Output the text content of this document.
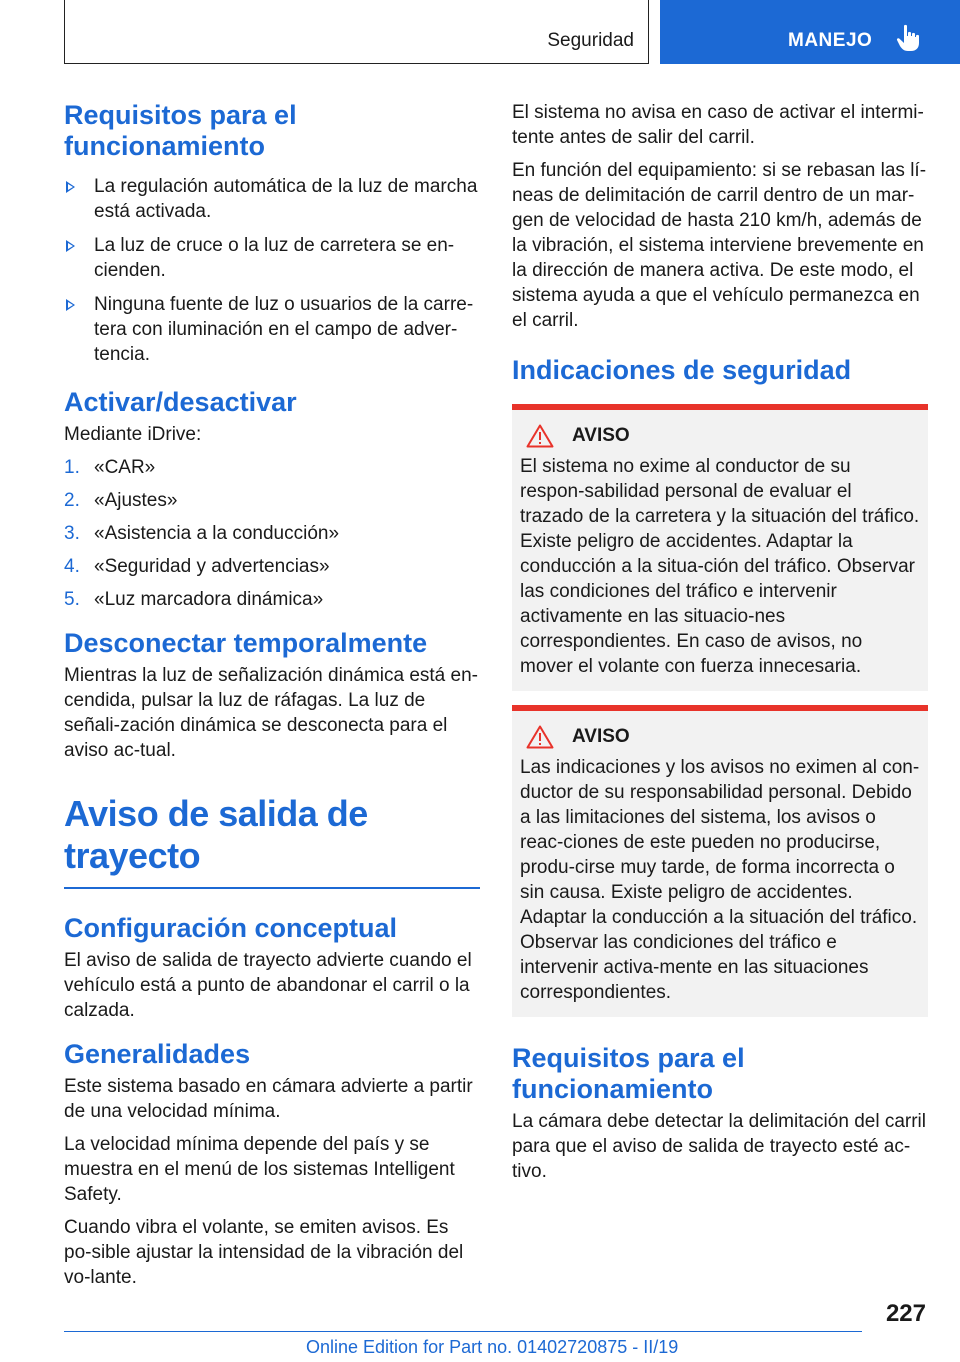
Seguridad	MANEJO
Requisitos para el funcionamiento
La regulación automática de la luz de marcha está activada.
La luz de cruce o la luz de carretera se en-cienden.
Ninguna fuente de luz o usuarios de la carre-tera con iluminación en el campo de adver-tencia.
Activar/desactivar

Mediante iDrive:

1. «CAR»
2. «Ajustes»
3. «Asistencia a la conducción»
4. «Seguridad y advertencias»
5. «Luz marcadora dinámica»
Desconectar temporalmente

Mientras la luz de señalización dinámica está en-cendida, pulsar la luz de ráfagas. La luz de señali-zación dinámica se desconecta para el aviso ac-tual.

Aviso de salida de trayecto
Configuración conceptual

El aviso de salida de trayecto advierte cuando el vehículo está a punto de abandonar el carril o la calzada.

Generalidades

Este sistema basado en cámara advierte a partir de una velocidad mínima.

La velocidad mínima depende del país y se muestra en el menú de los sistemas Intelligent Safety.

Cuando vibra el volante, se emiten avisos. Es po-sible ajustar la intensidad de la vibración del vo-lante.

El sistema no avisa en caso de activar el intermi-tente antes de salir del carril.

En función del equipamiento: si se rebasan las lí-neas de delimitación de carril dentro de un mar-gen de velocidad de hasta 210 km/h, además de la vibración, el sistema interviene brevemente en la dirección de manera activa. De este modo, el sistema ayuda a que el vehículo permanezca en el carril.

Indicaciones de seguridad
AVISO

El sistema no exime al conductor de su respon-sabilidad personal de evaluar el trazado de la carretera y la situación del tráfico. Existe peligro de accidentes. Adaptar la conducción a la situa-ción del tráfico. Observar las condiciones del tráfico e intervenir activamente en las situacio-nes correspondientes. En caso de avisos, no mover el volante con fuerza innecesaria.

AVISO

Las indicaciones y los avisos no eximen al con-ductor de su responsabilidad personal. Debido a las limitaciones del sistema, los avisos o reac-ciones de este pueden no producirse, produ-cirse muy tarde, de forma incorrecta o sin causa. Existe peligro de accidentes. Adaptar la conducción a la situación del tráfico. Observar las condiciones del tráfico e intervenir activa-mente en las situaciones correspondientes.

Requisitos para el funcionamiento

La cámara debe detectar la delimitación del carril para que el aviso de salida de trayecto esté ac-tivo.

227
Online Edition for Part no. 01402720875 - II/19
